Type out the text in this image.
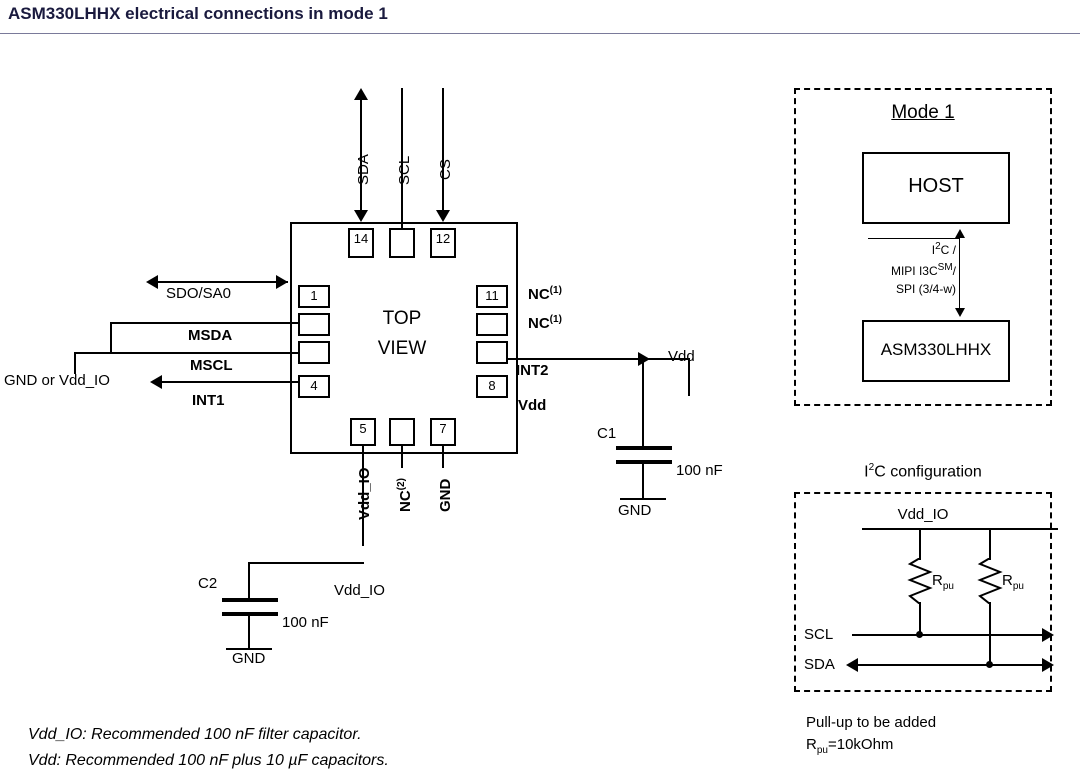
ASM330LHHX electrical connections in mode 1
TOP
VIEW
14	12
1
4
11
8
5	7
SDA SCL CS
SDO/SA0
MSDA
MSCL
GND or Vdd_IO
INT1
NC$^{(1)}$
NC$^{(1)}$
INT2
Vdd
Vdd
C1
100 nF
GND
Vdd_IO NC$^{(2)}$	GND
C2
100 nF
GND
Vdd_IO
Mode 1
HOST
ASM330LHHX
$I^2C$ /
MIPI I3C℠/
SPI (3/4-w)
$I^2C$ configuration
Vdd_IO
$R_{pu}$	$R_{pu}$
SCL
SDA
Pull-up to be added
$R_{pu}=10kOhm$
Vdd_IO: Recommended 100 nF filter capacitor.
Vdd: Recommended 100 nF plus 10 µF capacitors.
